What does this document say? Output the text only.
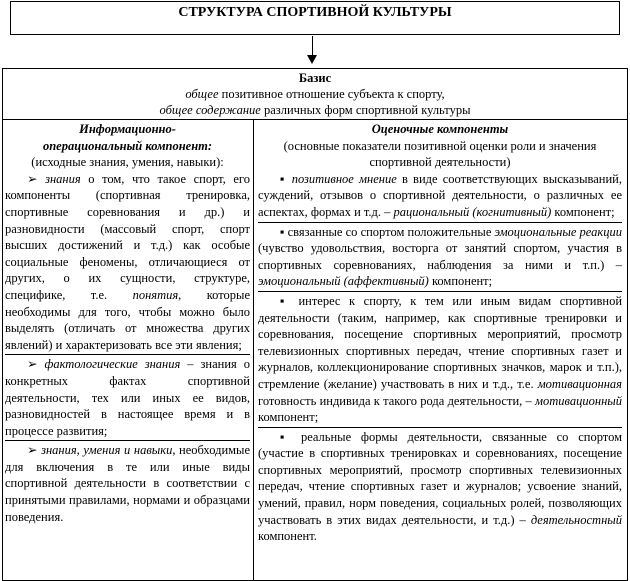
СТРУКТУРА СПОРТИВНОЙ КУЛЬТУРЫ
Базис
общее позитивное отношение субъекта к спорту,
общее содержание различных форм спортивной культуры
Информационно-
операциональный компонент:
(исходные знания, умения, навыки):

➢ знания о том, что такое спорт, его компоненты (спортивная тренировка, спортивные соревнования и др.) и разновидности (массовый спорт, спорт высших достижений и т.д.) как особые социальные феномены, отличающиеся от других, о их сущности, структуре, специфике, т.е. понятия, которые необходимы для того, чтобы можно было выделять (отличать от множества других явлений) и характеризовать все эти явления;

➢ фактологические знания – знания о конкретных фактах спортивной деятельности, тех или иных ее видов, разновидностей в настоящее время и в процессе развития;

➢ знания, умения и навыки, необходимые для включения в те или иные виды спортивной деятельности в соответствии с принятыми правилами, нормами и образцами поведения.

Оценочные компоненты
(основные показатели позитивной оценки роли и значения спортивной деятельности)

▪ позитивное мнение в виде соответствующих высказываний, суждений, отзывов о спортивной деятельности, о различных ее аспектах, формах и т.д. – рациональный (когнитивный) компонент;

▪ связанные со спортом положительные эмоциональные реакции (чувство удовольствия, восторга от занятий спортом, участия в спортивных соревнованиях, наблюдения за ними и т.п.) – эмоциональный (аффективный) компонент;

▪ интерес к спорту, к тем или иным видам спортивной деятельности (таким, например, как спортивные тренировки и соревнования, посещение спортивных мероприятий, просмотр телевизионных спортивных передач, чтение спортивных газет и журналов, коллекционирование спортивных значков, марок и т.п.), стремление (желание) участвовать в них и т.д., т.е. мотивационная готовность индивида к такого рода деятельности, – мотивационный компонент;

▪ реальные формы деятельности, связанные со спортом (участие в спортивных тренировках и соревнованиях, посещение спортивных мероприятий, просмотр спортивных телевизионных передач, чтение спортивных газет и журналов; усвоение знаний, умений, правил, норм поведения, социальных ролей, позволяющих участвовать в этих видах деятельности, и т.д.) – деятельностный компонент.
